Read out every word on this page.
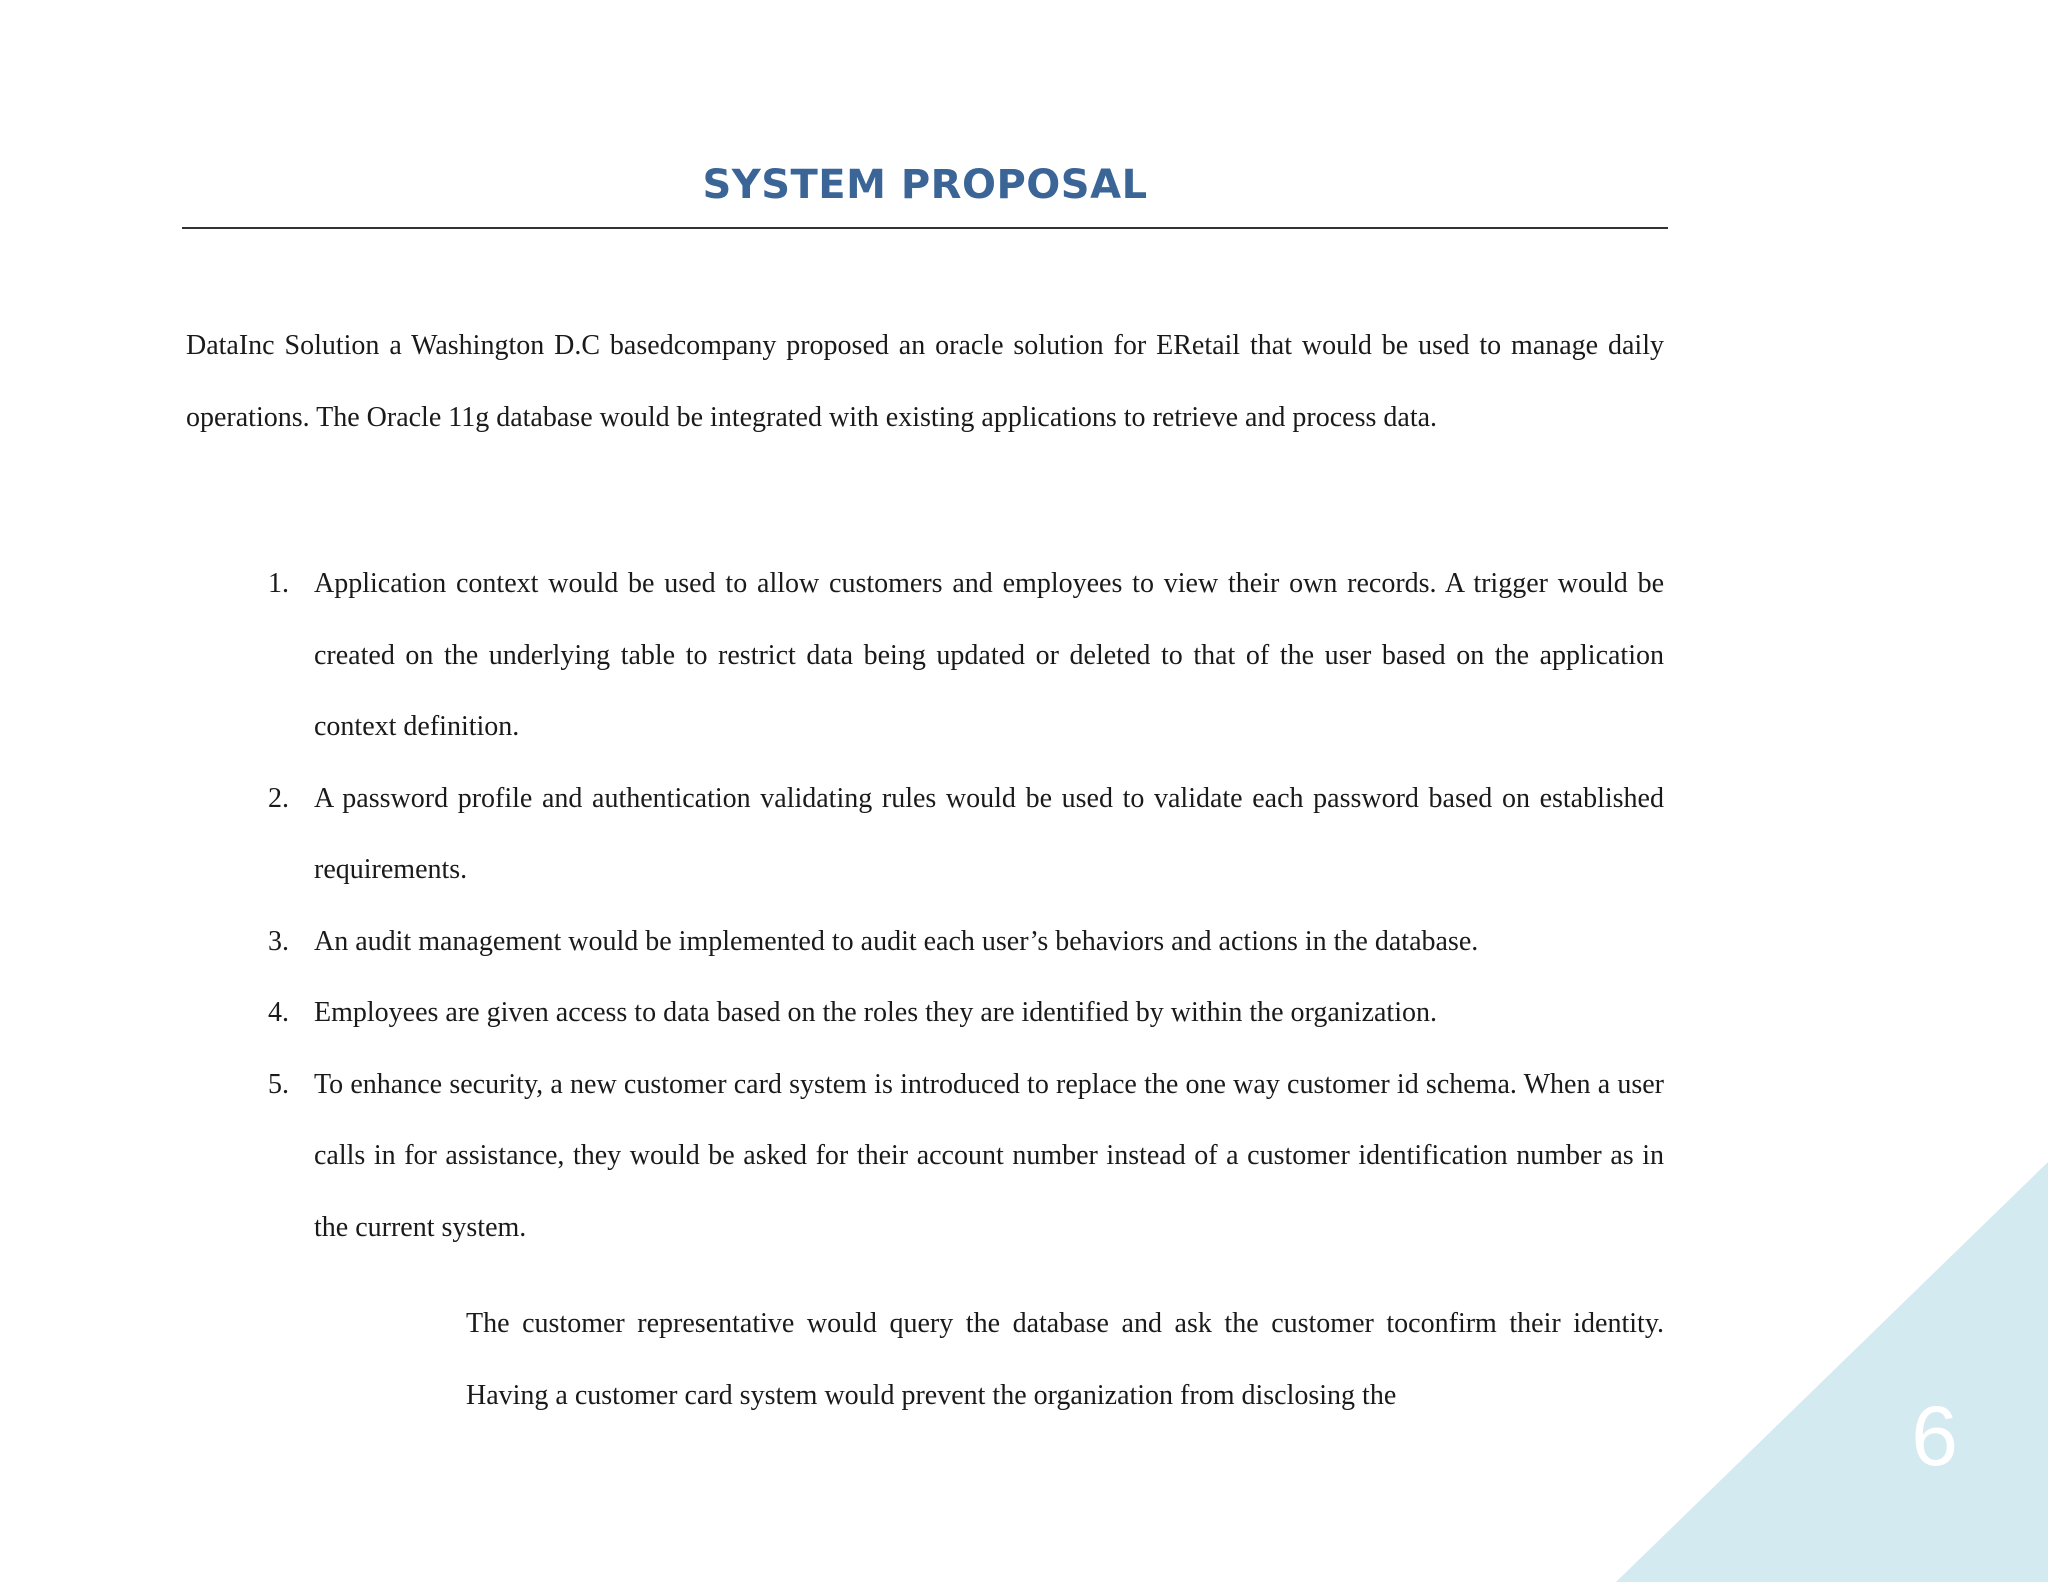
6
SYSTEM PROPOSAL

DataInc Solution a Washington D.C basedcompany proposed an oracle solution for ERetail that would be used to manage daily operations. The Oracle 11g database would be integrated with existing applications to retrieve and process data.

1. Application context would be used to allow customers and employees to view their own records. A trigger would be created on the underlying table to restrict data being updated or deleted to that of the user based on the application context definition.
2. A password profile and authentication validating rules would be used to validate each password based on established requirements.
3. An audit management would be implemented to audit each user’s behaviors and actions in the database.
4. Employees are given access to data based on the roles they are identified by within the organization.
5. To enhance security, a new customer card system is introduced to replace the one way customer id schema. When a user calls in for assistance, they would be asked for their account number instead of a customer identification number as in the current system.

The customer representative would query the database and ask the customer toconfirm their identity. Having a customer card system would prevent the organization from disclosing the
